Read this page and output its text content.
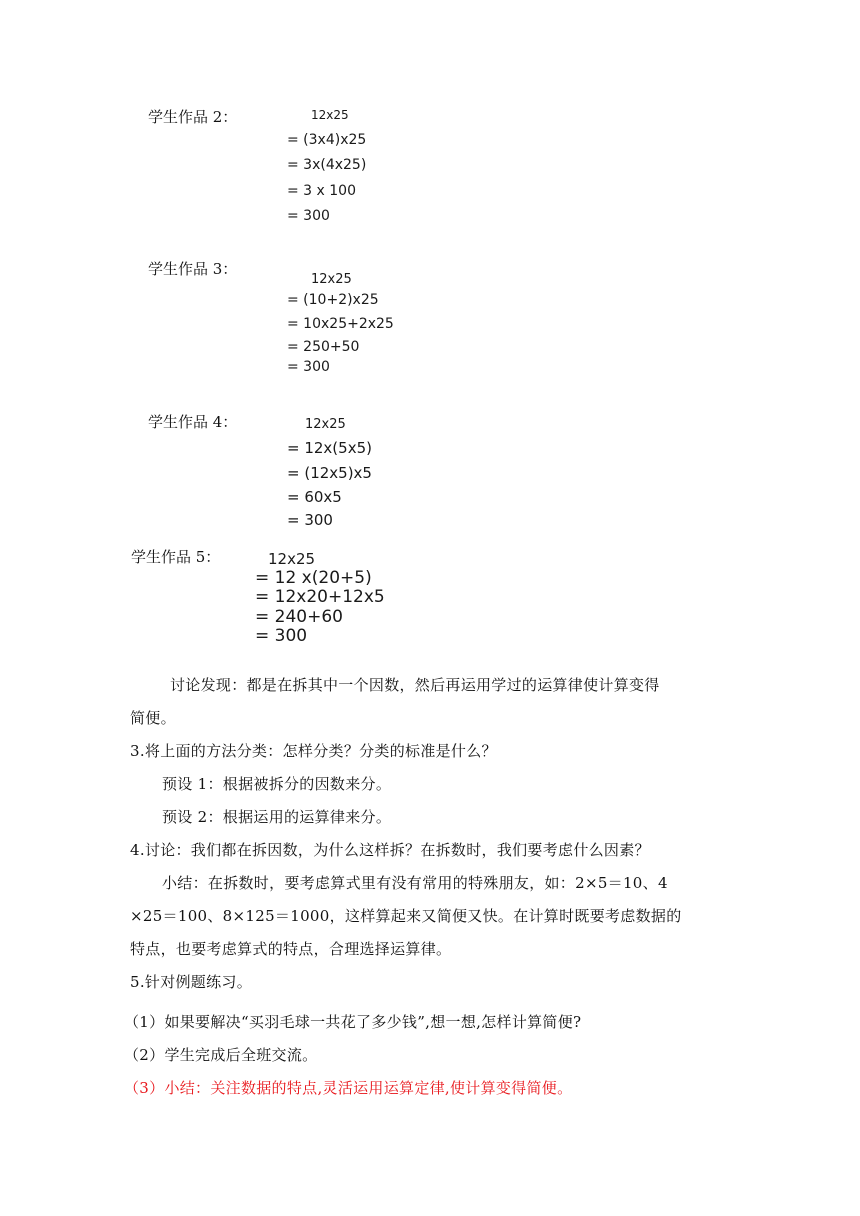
学生作品 2：	12x25
= (3x4)x25
= 3x(4x25)
= 3 x 100
= 300
学生作品 3：
12x25
= (10+2)x25
= 10x25+2x25
= 250+50
= 300
学生作品 4：	12x25
= 12x(5x5)
= (12x5)x5
= 60x5
= 300
学生作品 5：	12x25
= 12 x(20+5)
= 12x20+12x5
= 240+60
= 300
讨论发现：都是在拆其中一个因数，然后再运用学过的运算律使计算变得
简便。
3.将上面的方法分类：怎样分类？分类的标准是什么？
预设 1：根据被拆分的因数来分。
预设 2：根据运用的运算律来分。
4.讨论：我们都在拆因数，为什么这样拆？在拆数时，我们要考虑什么因素？
小结：在拆数时，要考虑算式里有没有常用的特殊朋友，如：2×5＝10、4
×25＝100、8×125＝1000，这样算起来又简便又快。在计算时既要考虑数据的
特点，也要考虑算式的特点，合理选择运算律。
5.针对例题练习。
（1）如果要解决“买羽毛球一共花了多少钱”,想一想,怎样计算简便?
（2）学生完成后全班交流。
（3）小结：关注数据的特点,灵活运用运算定律,使计算变得简便。
